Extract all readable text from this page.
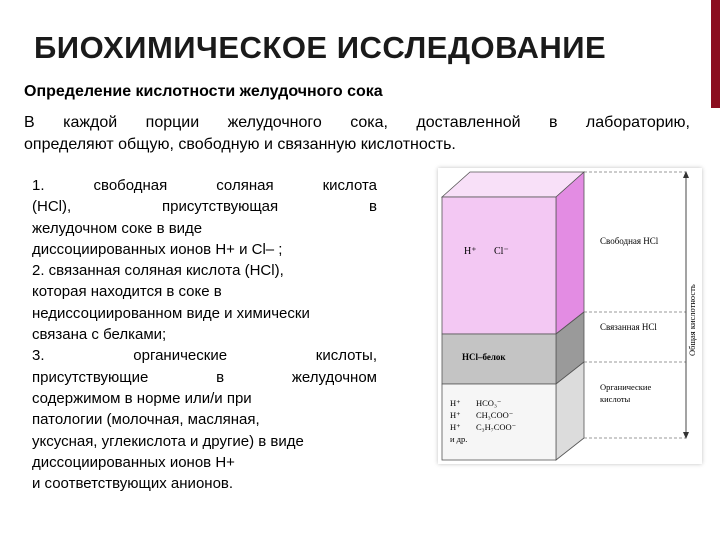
БИОХИМИЧЕСКОЕ ИССЛЕДОВАНИЕ
Определение кислотности желудочного сока
В каждой порции желудочного сока, доставленной в лабораторию,
определяют общую, свободную и связанную кислотность.
1.	свободная	соляная	кислота
(HCl),	присутствующая	в
желудочном соке в виде
диссоциированных ионов H+ и Cl– ;
2. связанная соляная кислота (HCl),
которая находится в соке в
недиссоциированном виде и химически
связана с белками;
3.	органические	кислоты,
присутствующие	в	желудочном
содержимом в норме или/и при
патологии (молочная, масляная,
уксусная, углекислота и другие) в виде
диссоциированных ионов H+
и соответствующих анионов.
H⁺ Cl⁻
HCl–белок
H⁺ HCO₃⁻
H⁺ CH₃COO⁻
H⁺ C₃H₇COO⁻
и др.
Свободная HCl
Связанная HCl
Органические
кислоты
Общая кислотность
